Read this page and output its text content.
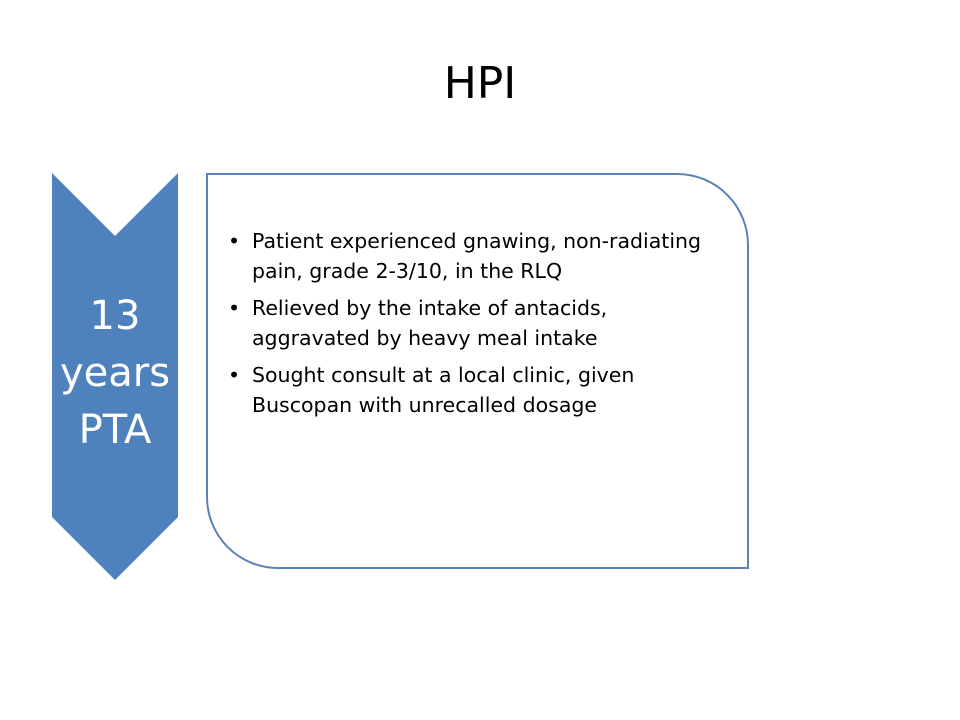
HPI
13
years
PTA
• Patient experienced gnawing, non-radiating pain, grade 2-3/10, in the RLQ
• Relieved by the intake of antacids, aggravated by heavy meal intake
• Sought consult at a local clinic, given Buscopan with unrecalled dosage
